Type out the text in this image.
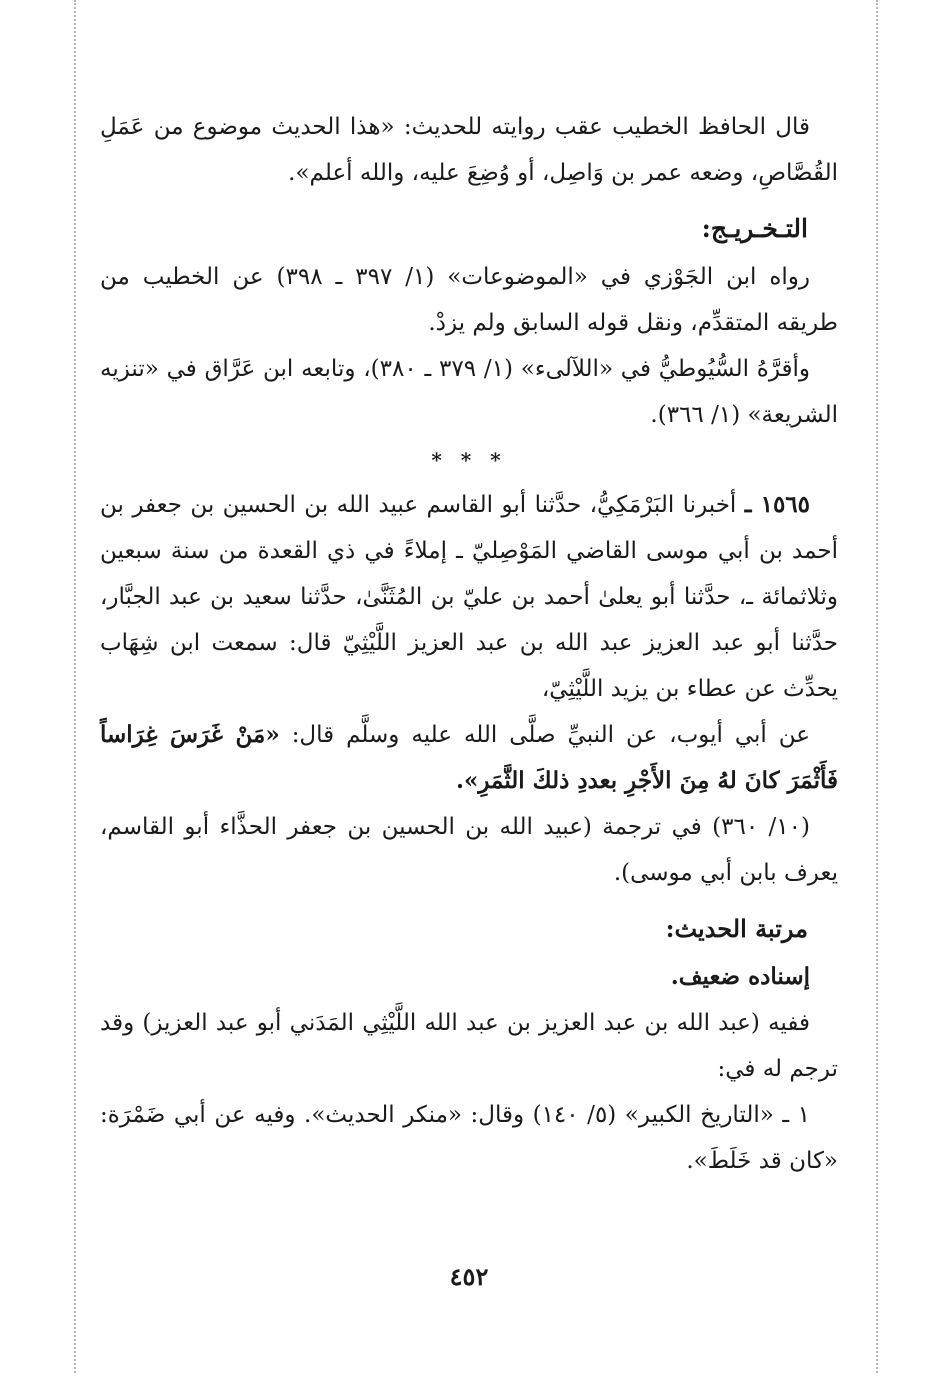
قال الحافظ الخطيب عقب روايته للحديث: «هذا الحديث موضوع من عَمَلِ القُصَّاصِ، وضعه عمر بن وَاصِل، أو وُضِعَ عليه، والله أعلم».

التـخـريـج:

رواه ابن الجَوْزي في «الموضوعات» (١/ ٣٩٧ ـ ٣٩٨) عن الخطيب من طريقه المتقدِّم، ونقل قوله السابق ولم يزدْ.

وأقرَّهُ السُّيُوطيُّ في «اللآلىء» (١/ ٣٧٩ ـ ٣٨٠)، وتابعه ابن عَرَّاق في «تنزيه الشريعة» (١/ ٣٦٦).

* * *

١٥٦٥ ـ أخبرنا البَرْمَكِيُّ، حدَّثنا أبو القاسم عبيد الله بن الحسين بن جعفر بن أحمد بن أبي موسى القاضي المَوْصِليّ ـ إملاءً في ذي القعدة من سنة سبعين وثلاثمائة ـ، حدَّثنا أبو يعلىٰ أحمد بن عليّ بن المُثَنَّىٰ، حدَّثنا سعيد بن عبد الجبَّار، حدَّثنا أبو عبد العزيز عبد الله بن عبد العزيز اللَّيْثِيّ قال: سمعت ابن شِهَاب يحدِّث عن عطاء بن يزيد اللَّيْثِيّ،

عن أبي أيوب، عن النبيِّ صلَّى الله عليه وسلَّم قال: «مَنْ غَرَسَ غِرَاساً فَأَثْمَرَ كانَ لهُ مِنَ الأَجْرِ بعددِ ذلكَ الثَّمَرِ».

(١٠/ ٣٦٠) في ترجمة (عبيد الله بن الحسين بن جعفر الحذَّاء أبو القاسم، يعرف بابن أبي موسى).

مرتبة الحديث:

إسناده ضعيف.

ففيه (عبد الله بن عبد العزيز بن عبد الله اللَّيْثِي المَدَني أبو عبد العزيز) وقد ترجم له في:

١ ـ «التاريخ الكبير» (٥/ ١٤٠) وقال: «منكر الحديث». وفيه عن أبي ضَمْرَة: «كان قد خَلَطَ».

٤٥٢
